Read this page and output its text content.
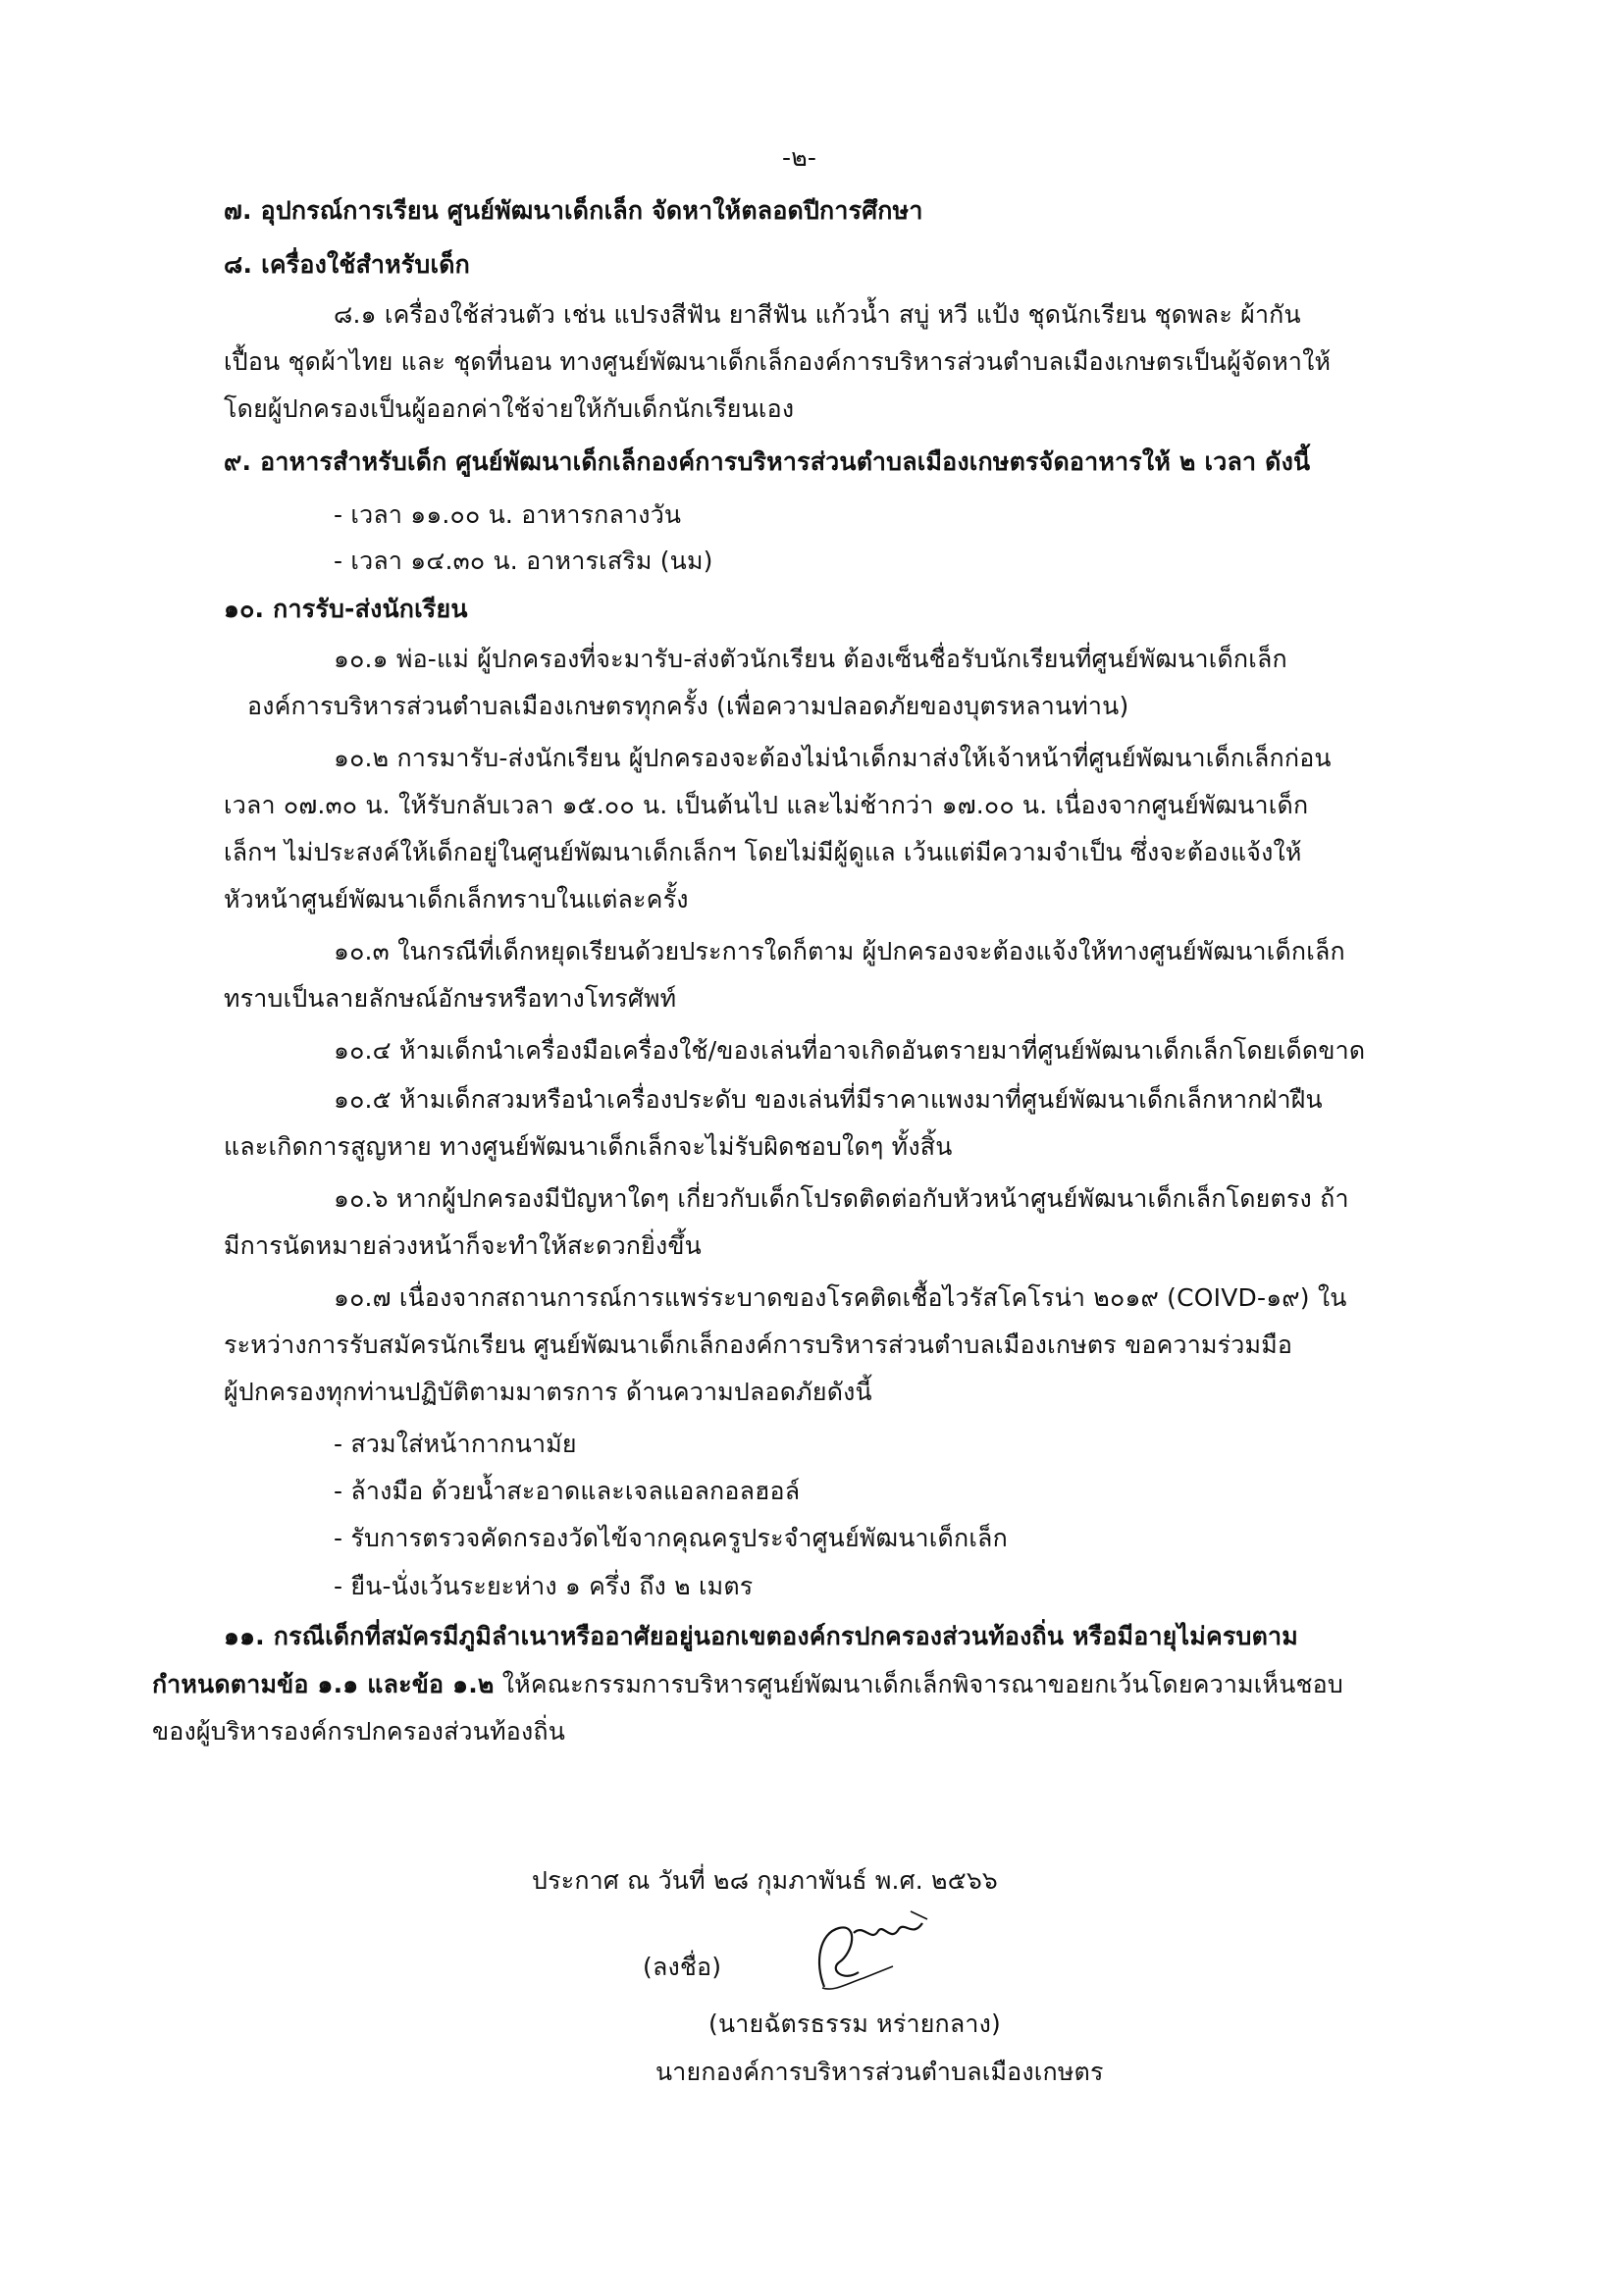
-๒-
๗. อุปกรณ์การเรียน ศูนย์พัฒนาเด็กเล็ก จัดหาให้ตลอดปีการศึกษา
๘. เครื่องใช้สำหรับเด็ก
๘.๑ เครื่องใช้ส่วนตัว เช่น แปรงสีฟัน ยาสีฟัน แก้วน้ำ สบู่ หวี แป้ง ชุดนักเรียน ชุดพละ ผ้ากัน
เปื้อน ชุดผ้าไทย และ ชุดที่นอน ทางศูนย์พัฒนาเด็กเล็กองค์การบริหารส่วนตำบลเมืองเกษตรเป็นผู้จัดหาให้
โดยผู้ปกครองเป็นผู้ออกค่าใช้จ่ายให้กับเด็กนักเรียนเอง
๙. อาหารสำหรับเด็ก ศูนย์พัฒนาเด็กเล็กองค์การบริหารส่วนตำบลเมืองเกษตรจัดอาหารให้ ๒ เวลา ดังนี้
- เวลา ๑๑.๐๐ น. อาหารกลางวัน
- เวลา ๑๔.๓๐ น. อาหารเสริม (นม)
๑๐. การรับ-ส่งนักเรียน
๑๐.๑ พ่อ-แม่ ผู้ปกครองที่จะมารับ-ส่งตัวนักเรียน ต้องเซ็นชื่อรับนักเรียนที่ศูนย์พัฒนาเด็กเล็ก
องค์การบริหารส่วนตำบลเมืองเกษตรทุกครั้ง (เพื่อความปลอดภัยของบุตรหลานท่าน)
๑๐.๒ การมารับ-ส่งนักเรียน ผู้ปกครองจะต้องไม่นำเด็กมาส่งให้เจ้าหน้าที่ศูนย์พัฒนาเด็กเล็กก่อน
เวลา ๐๗.๓๐ น. ให้รับกลับเวลา ๑๕.๐๐ น. เป็นต้นไป และไม่ช้ากว่า ๑๗.๐๐ น. เนื่องจากศูนย์พัฒนาเด็ก
เล็กฯ ไม่ประสงค์ให้เด็กอยู่ในศูนย์พัฒนาเด็กเล็กฯ โดยไม่มีผู้ดูแล เว้นแต่มีความจำเป็น ซึ่งจะต้องแจ้งให้
หัวหน้าศูนย์พัฒนาเด็กเล็กทราบในแต่ละครั้ง
๑๐.๓ ในกรณีที่เด็กหยุดเรียนด้วยประการใดก็ตาม ผู้ปกครองจะต้องแจ้งให้ทางศูนย์พัฒนาเด็กเล็ก
ทราบเป็นลายลักษณ์อักษรหรือทางโทรศัพท์
๑๐.๔ ห้ามเด็กนำเครื่องมือเครื่องใช้/ของเล่นที่อาจเกิดอันตรายมาที่ศูนย์พัฒนาเด็กเล็กโดยเด็ดขาด
๑๐.๕ ห้ามเด็กสวมหรือนำเครื่องประดับ ของเล่นที่มีราคาแพงมาที่ศูนย์พัฒนาเด็กเล็กหากฝ่าฝืน
และเกิดการสูญหาย ทางศูนย์พัฒนาเด็กเล็กจะไม่รับผิดชอบใดๆ ทั้งสิ้น
๑๐.๖ หากผู้ปกครองมีปัญหาใดๆ เกี่ยวกับเด็กโปรดติดต่อกับหัวหน้าศูนย์พัฒนาเด็กเล็กโดยตรง ถ้า
มีการนัดหมายล่วงหน้าก็จะทำให้สะดวกยิ่งขึ้น
๑๐.๗ เนื่องจากสถานการณ์การแพร่ระบาดของโรคติดเชื้อไวรัสโคโรน่า ๒๐๑๙ (COIVD-๑๙) ใน
ระหว่างการรับสมัครนักเรียน ศูนย์พัฒนาเด็กเล็กองค์การบริหารส่วนตำบลเมืองเกษตร ขอความร่วมมือ
ผู้ปกครองทุกท่านปฏิบัติตามมาตรการ ด้านความปลอดภัยดังนี้
- สวมใส่หน้ากากนามัย
- ล้างมือ ด้วยน้ำสะอาดและเจลแอลกอลฮอล์
- รับการตรวจคัดกรองวัดไข้จากคุณครูประจำศูนย์พัฒนาเด็กเล็ก
- ยืน-นั่งเว้นระยะห่าง ๑ ครึ่ง ถึง ๒ เมตร
๑๑. กรณีเด็กที่สมัครมีภูมิลำเนาหรืออาศัยอยู่นอกเขตองค์กรปกครองส่วนท้องถิ่น หรือมีอายุไม่ครบตาม
กำหนดตามข้อ ๑.๑ และข้อ ๑.๒ ให้คณะกรรมการบริหารศูนย์พัฒนาเด็กเล็กพิจารณาขอยกเว้นโดยความเห็นชอบ
ของผู้บริหารองค์กรปกครองส่วนท้องถิ่น
ประกาศ ณ วันที่ ๒๘ กุมภาพันธ์ พ.ศ. ๒๕๖๖
(ลงชื่อ)
(นายฉัตรธรรม หร่ายกลาง)
นายกองค์การบริหารส่วนตำบลเมืองเกษตร
